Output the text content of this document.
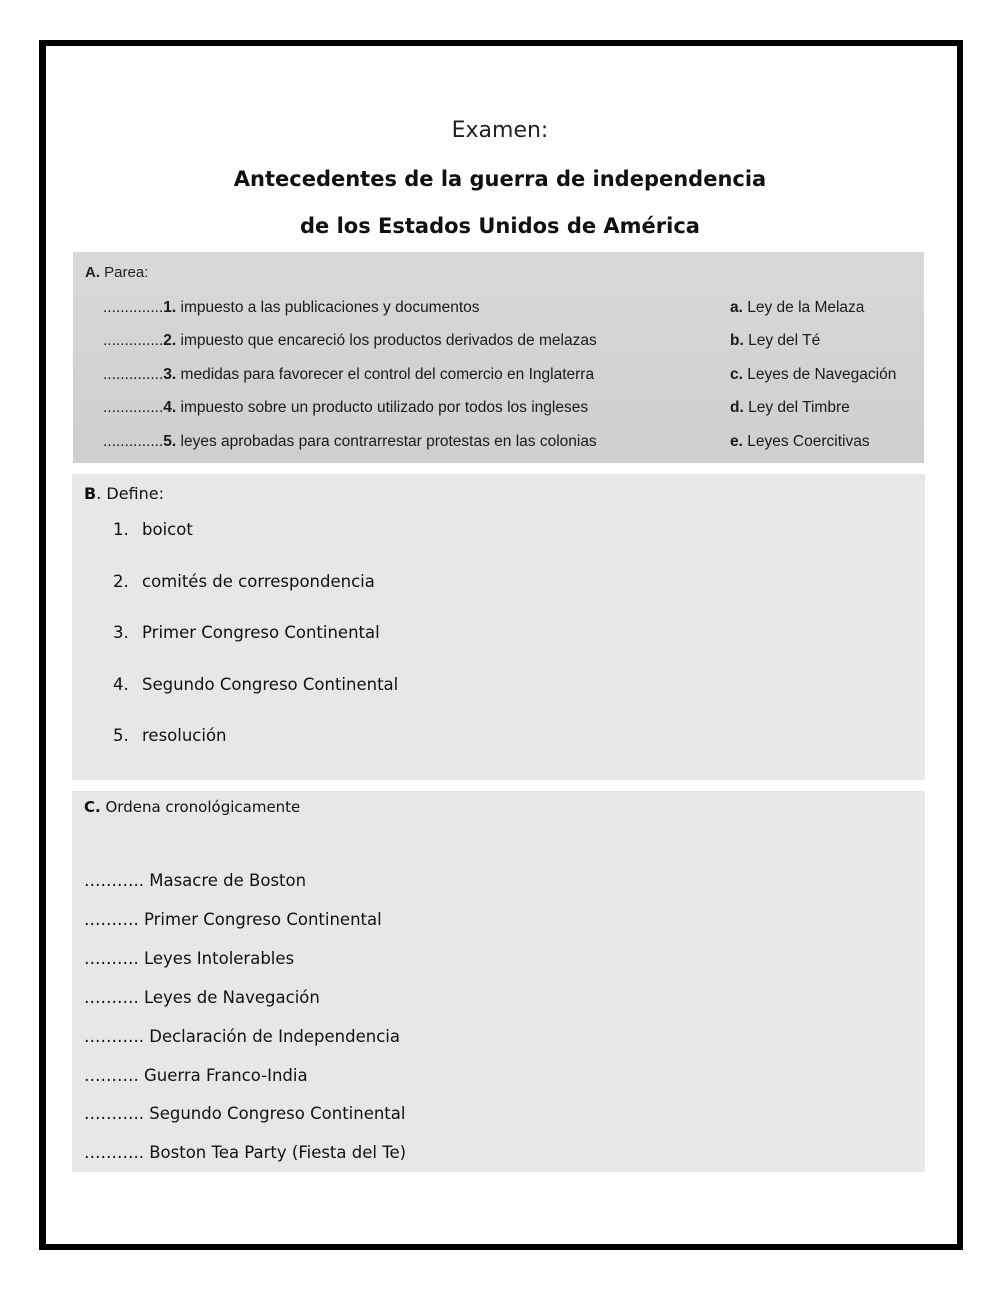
Examen:
Antecedentes de la guerra de independencia
de los Estados Unidos de América
A. Parea:
..............1. impuesto a las publicaciones y documentos	a. Ley de la Melaza
..............2. impuesto que encareció los productos derivados de melazas	b. Ley del Té
..............3. medidas para favorecer el control del comercio en Inglaterra	c. Leyes de Navegación
..............4. impuesto sobre un producto utilizado por todos los ingleses	d. Ley del Timbre
..............5. leyes aprobadas para contrarrestar protestas en las colonias	e. Leyes Coercitivas
B. Define:
1. boicot
2. comités de correspondencia
3. Primer Congreso Continental
4. Segundo Congreso Continental
5. resolución
C. Ordena cronológicamente
……….. Masacre de Boston
………. Primer Congreso Continental
………. Leyes Intolerables
………. Leyes de Navegación
……….. Declaración de Independencia
………. Guerra Franco-India
……….. Segundo Congreso Continental
……….. Boston Tea Party (Fiesta del Te)
